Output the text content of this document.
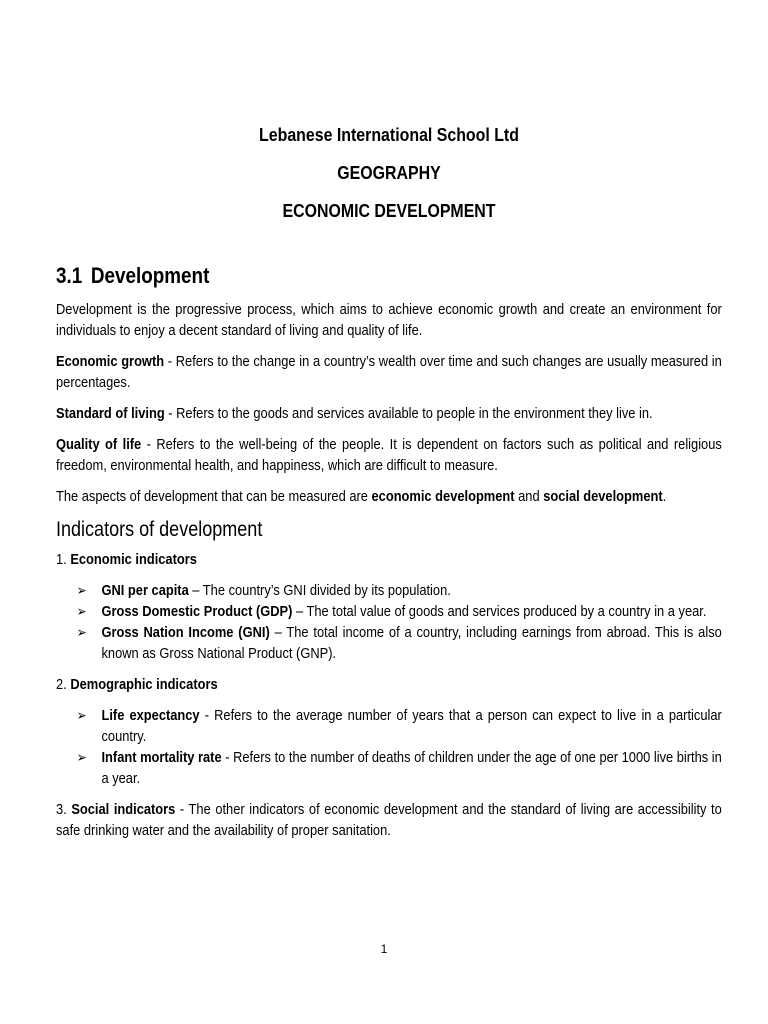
Lebanese International School Ltd
GEOGRAPHY
ECONOMIC DEVELOPMENT
3.1 Development

Development is the progressive process, which aims to achieve economic growth and create an environment for individuals to enjoy a decent standard of living and quality of life.

Economic growth - Refers to the change in a country’s wealth over time and such changes are usually measured in percentages.

Standard of living - Refers to the goods and services available to people in the environment they live in.

Quality of life - Refers to the well-being of the people. It is dependent on factors such as political and religious freedom, environmental health, and happiness, which are difficult to measure.

The aspects of development that can be measured are economic development and social development.

Indicators of development
1. Economic indicators
➢ GNI per capita – The country’s GNI divided by its population.
➢ Gross Domestic Product (GDP) – The total value of goods and services produced by a country in a year.
➢ Gross Nation Income (GNI) – The total income of a country, including earnings from abroad. This is also known as Gross National Product (GNP).
2. Demographic indicators
➢ Life expectancy - Refers to the average number of years that a person can expect to live in a particular country.
➢ Infant mortality rate - Refers to the number of deaths of children under the age of one per 1000 live births in a year.

3. Social indicators - The other indicators of economic development and the standard of living are accessibility to safe drinking water and the availability of proper sanitation.

1
